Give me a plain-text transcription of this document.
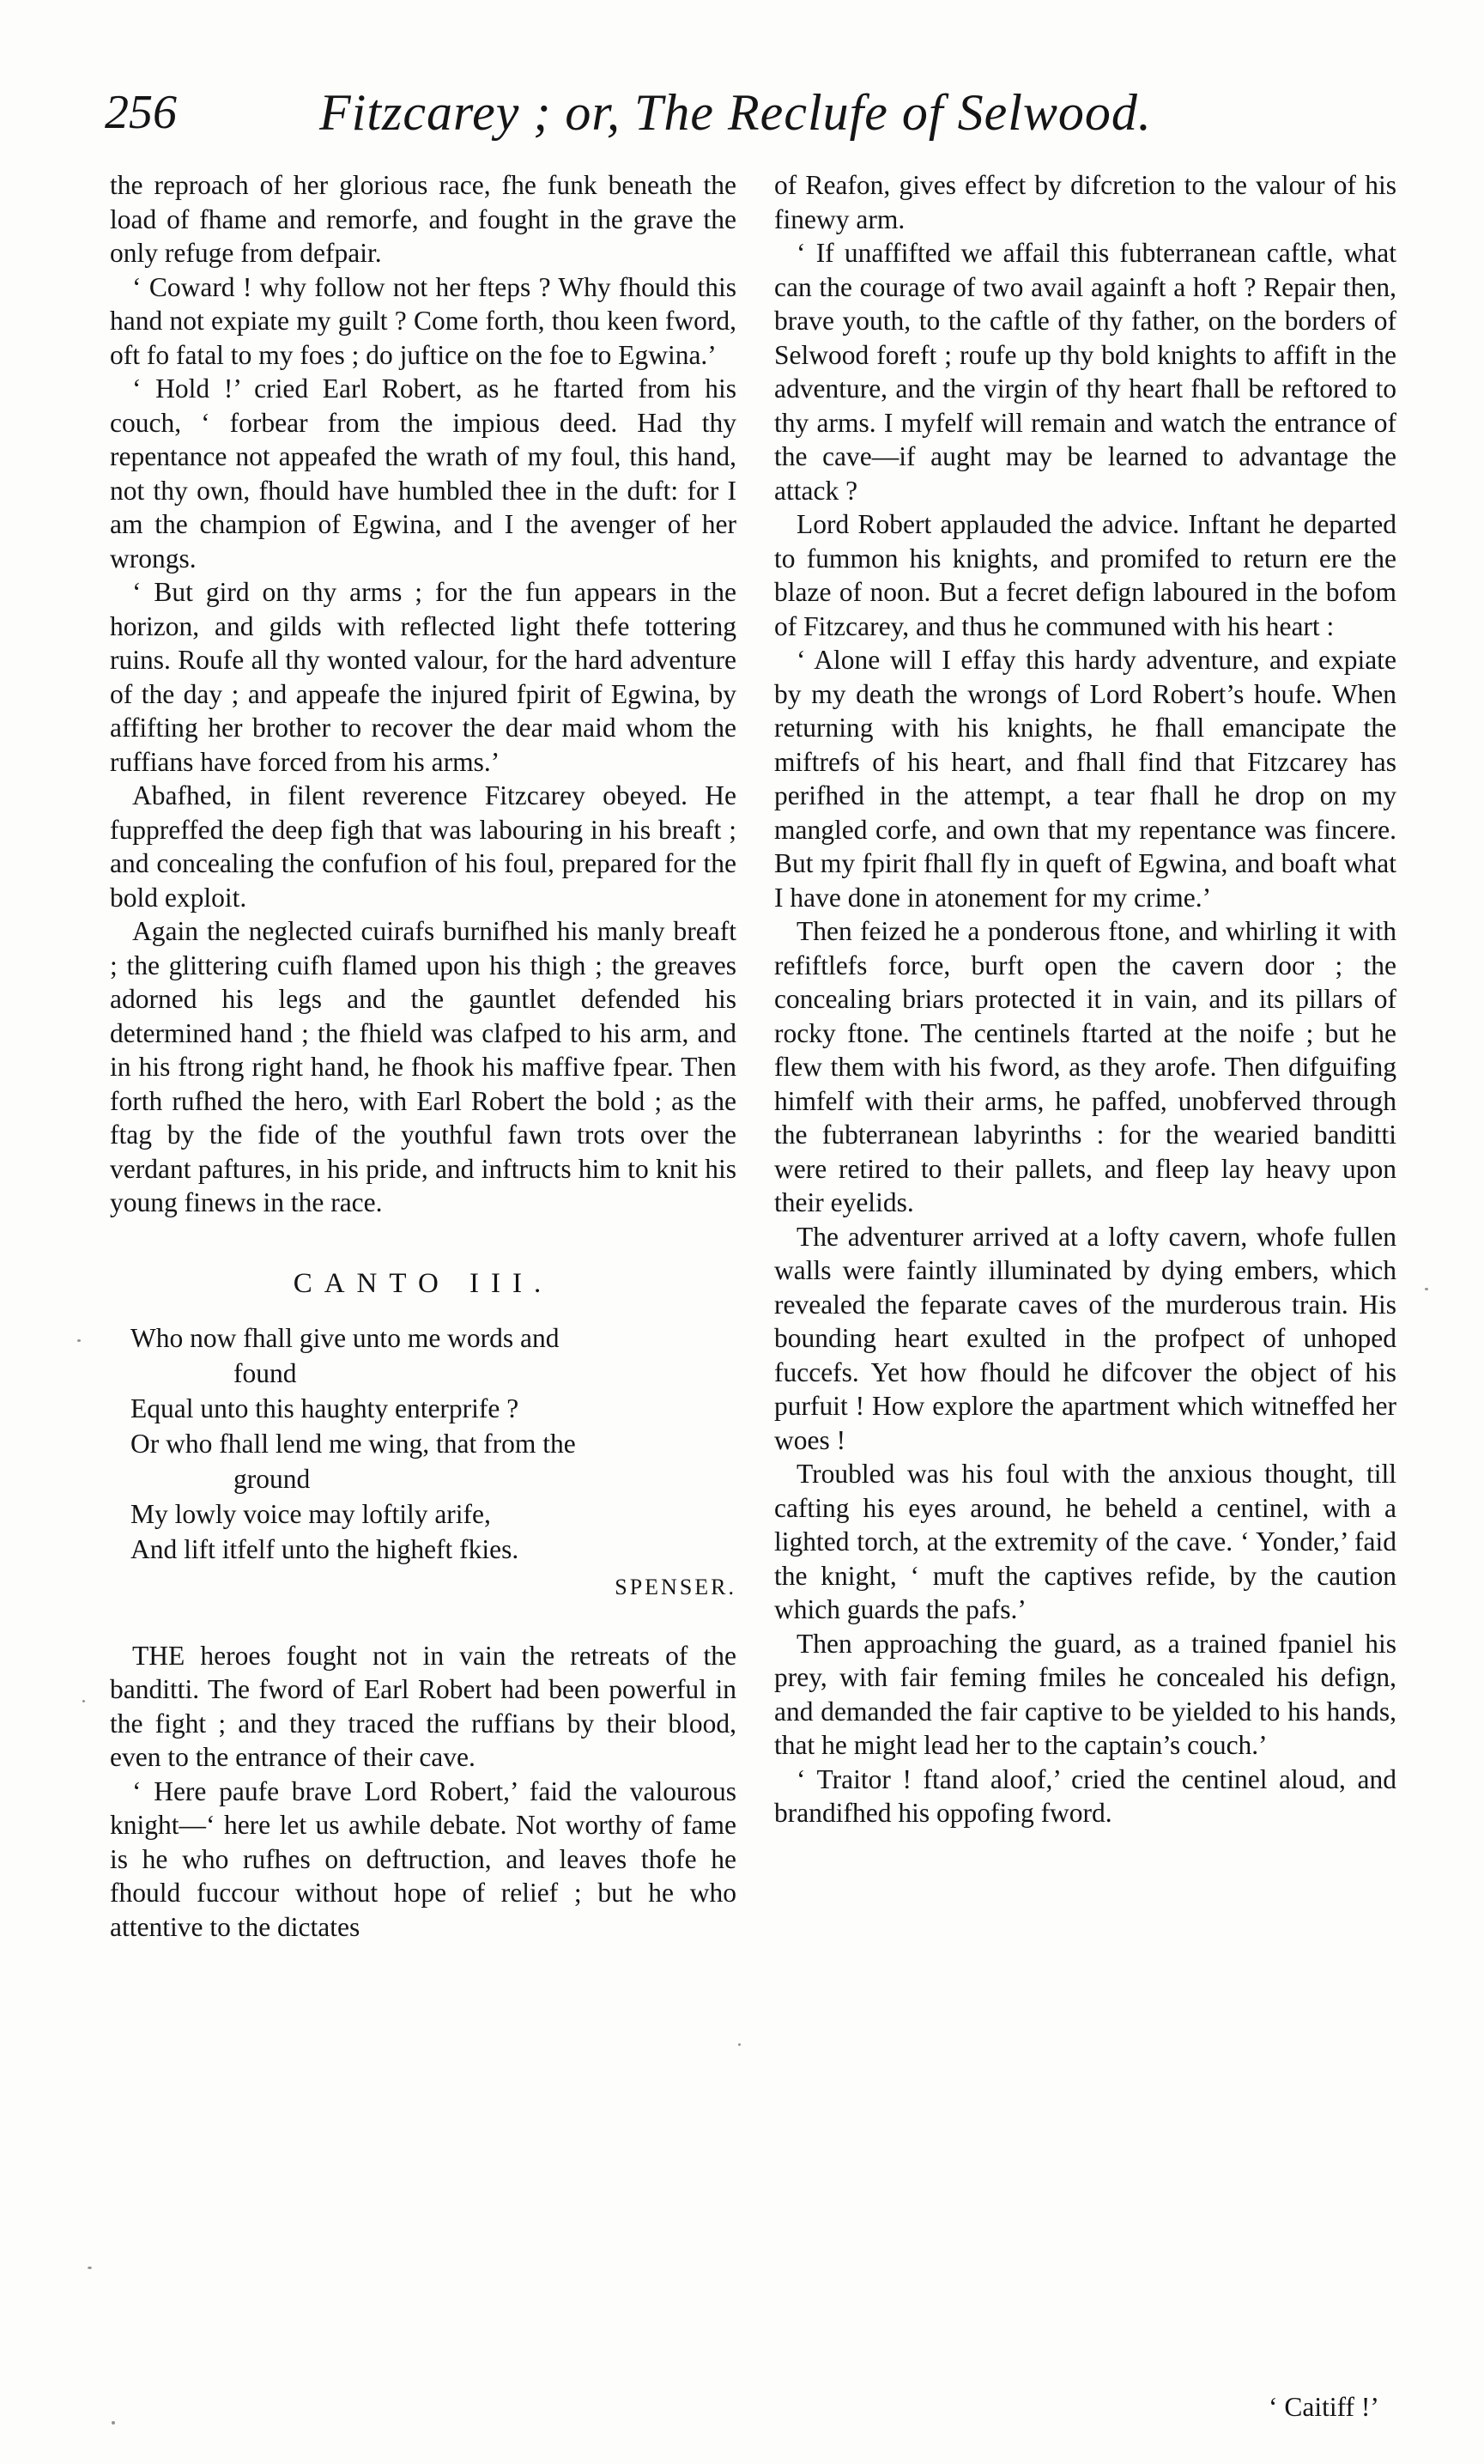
256	Fitzcarey ; or, The Reclufe of Selwood.

the reproach of her glorious race, fhe funk beneath the load of fhame and remorfe, and fought in the grave the only refuge from defpair.

‘ Coward ! why follow not her fteps ? Why fhould this hand not expiate my guilt ? Come forth, thou keen fword, oft fo fatal to my foes ; do juftice on the foe to Egwina.’

‘ Hold !’ cried Earl Robert, as he ftarted from his couch, ‘ forbear from the impious deed. Had thy repentance not appeafed the wrath of my foul, this hand, not thy own, fhould have humbled thee in the duft: for I am the champion of Egwina, and I the avenger of her wrongs.

‘ But gird on thy arms ; for the fun appears in the horizon, and gilds with reflected light thefe tottering ruins. Roufe all thy wonted valour, for the hard adventure of the day ; and appeafe the injured fpirit of Egwina, by affifting her brother to recover the dear maid whom the ruffians have forced from his arms.’

Abafhed, in filent reverence Fitzcarey obeyed. He fuppreffed the deep figh that was labouring in his breaft ; and concealing the confufion of his foul, prepared for the bold exploit.

Again the neglected cuirafs burnifhed his manly breaft ; the glittering cuifh flamed upon his thigh ; the greaves adorned his legs and the gauntlet defended his determined hand ; the fhield was clafped to his arm, and in his ftrong right hand, he fhook his maffive fpear. Then forth rufhed the hero, with Earl Robert the bold ; as the ftag by the fide of the youthful fawn trots over the verdant paftures, in his pride, and inftructs him to knit his young finews in the race.

CANTO III.
Who now fhall give unto me words and
found
Equal unto this haughty enterprife ?
Or who fhall lend me wing, that from the
ground
My lowly voice may loftily arife,
And lift itfelf unto the higheft fkies.
SPENSER.

THE heroes fought not in vain the retreats of the banditti. The fword of Earl Robert had been powerful in the fight ; and they traced the ruffians by their blood, even to the entrance of their cave.

‘ Here paufe brave Lord Robert,’ faid the valourous knight—‘ here let us awhile debate. Not worthy of fame is he who rufhes on deftruction, and leaves thofe he fhould fuccour without hope of relief ; but he who attentive to the dictates

of Reafon, gives effect by difcretion to the valour of his finewy arm.

‘ If unaffifted we affail this fubterranean caftle, what can the courage of two avail againft a hoft ? Repair then, brave youth, to the caftle of thy father, on the borders of Selwood foreft ; roufe up thy bold knights to affift in the adventure, and the virgin of thy heart fhall be reftored to thy arms. I myfelf will remain and watch the entrance of the cave—if aught may be learned to advantage the attack ?

Lord Robert applauded the advice. Inftant he departed to fummon his knights, and promifed to return ere the blaze of noon. But a fecret defign laboured in the bofom of Fitzcarey, and thus he communed with his heart :

‘ Alone will I effay this hardy adventure, and expiate by my death the wrongs of Lord Robert’s houfe. When returning with his knights, he fhall emancipate the miftrefs of his heart, and fhall find that Fitzcarey has perifhed in the attempt, a tear fhall he drop on my mangled corfe, and own that my repentance was fincere. But my fpirit fhall fly in queft of Egwina, and boaft what I have done in atonement for my crime.’

Then feized he a ponderous ftone, and whirling it with refiftlefs force, burft open the cavern door ; the concealing briars protected it in vain, and its pillars of rocky ftone. The centinels ftarted at the noife ; but he flew them with his fword, as they arofe. Then difguifing himfelf with their arms, he paffed, unobferved through the fubterranean labyrinths : for the wearied banditti were retired to their pallets, and fleep lay heavy upon their eyelids.

The adventurer arrived at a lofty cavern, whofe fullen walls were faintly illuminated by dying embers, which revealed the feparate caves of the murderous train. His bounding heart exulted in the profpect of unhoped fuccefs. Yet how fhould he difcover the object of his purfuit ! How explore the apartment which witneffed her woes !

Troubled was his foul with the anxious thought, till cafting his eyes around, he beheld a centinel, with a lighted torch, at the extremity of the cave. ‘ Yonder,’ faid the knight, ‘ muft the captives refide, by the caution which guards the pafs.’

Then approaching the guard, as a trained fpaniel his prey, with fair feming fmiles he concealed his defign, and demanded the fair captive to be yielded to his hands, that he might lead her to the captain’s couch.’

‘ Traitor ! ftand aloof,’ cried the centinel aloud, and brandifhed his oppofing fword.

‘ Caitiff !’
